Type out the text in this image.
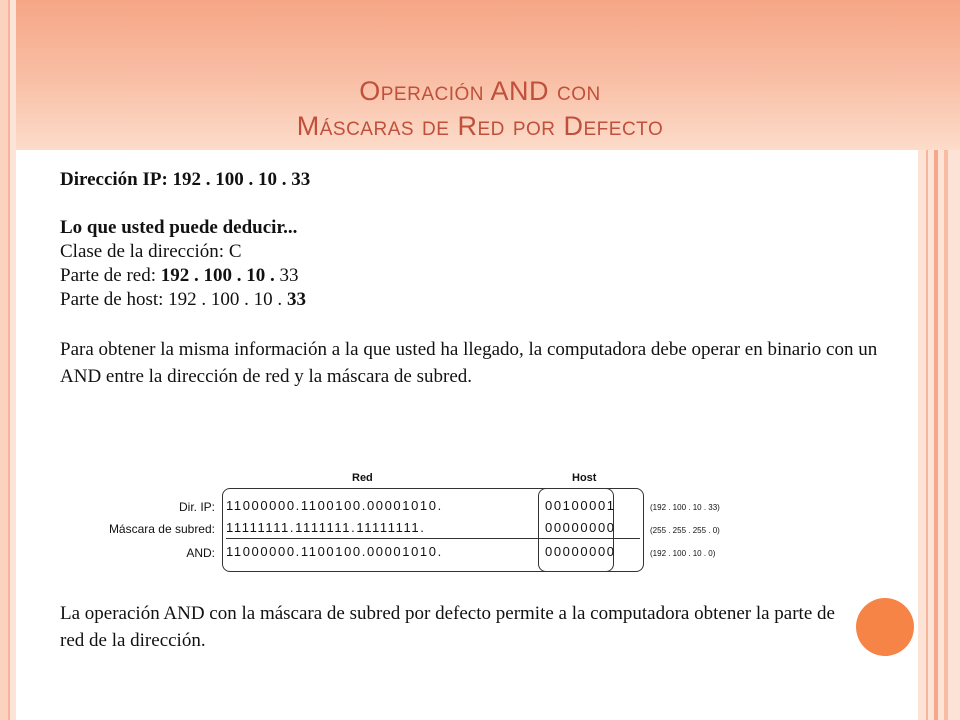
Operación AND con
Máscaras de Red por Defecto

Dirección IP: 192 . 100 . 10 . 33

Lo que usted puede deducir...

Clase de la dirección: C

Parte de red: 192 . 100 . 10 . 33

Parte de host: 192 . 100 . 10 . 33

Para obtener la misma información a la que usted ha llegado, la computadora debe operar en binario con un AND entre la dirección de red y la máscara de subred.

Red	Host
Dir. IP: 11000000.1100100.00001010.	00100001	(192 . 100 . 10 . 33)
Máscara de subred: 11111111.1111111.11111111.	00000000	(255 . 255 . 255 . 0)
AND: 11000000.1100100.00001010.	00000000	(192 . 100 . 10 . 0)

La operación AND con la máscara de subred por defecto permite a la computadora obtener la parte de red de la dirección.
